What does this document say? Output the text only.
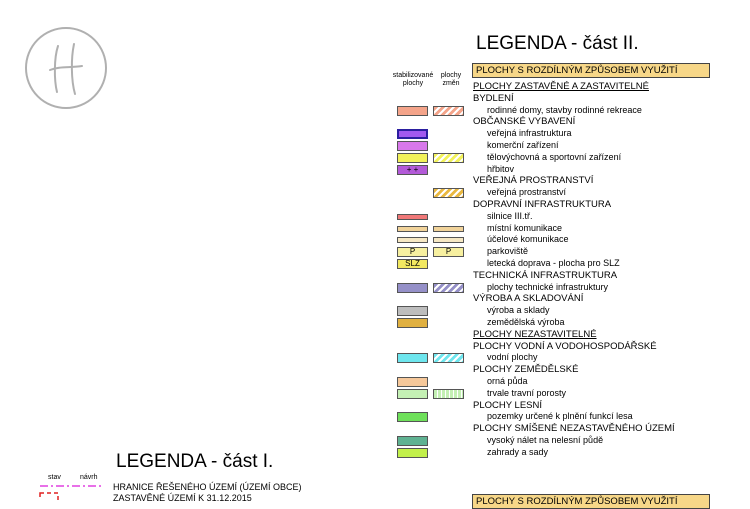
LEGENDA - část II.
stabilizované plochy
plochy změn
PLOCHY S ROZDÍLNÝM ZPŮSOBEM VYUŽITÍ
PLOCHY ZASTAVĚNÉ A ZASTAVITELNÉ
BYDLENÍ
rodinné domy, stavby rodinné rekreace
OBČANSKÉ VYBAVENÍ
veřejná infrastruktura
komerční zařízení
tělovýchovná a sportovní zařízení
hřbitov
+ +
VEŘEJNÁ PROSTRANSTVÍ
veřejná prostranství
DOPRAVNÍ INFRASTRUKTURA
silnice III.tř.
místní komunikace
účelové komunikace
parkoviště
P	P
letecká doprava - plocha pro SLZ
SLZ
TECHNICKÁ INFRASTRUKTURA
plochy technické infrastruktury
VÝROBA A SKLADOVÁNÍ
výroba a sklady
zemědělská výroba
PLOCHY NEZASTAVITELNÉ
PLOCHY VODNÍ A VODOHOSPODÁŘSKÉ
vodní plochy
PLOCHY ZEMĚDĚLSKÉ
orná půda
trvale travní porosty
PLOCHY LESNÍ
pozemky určené k plnění funkcí lesa
PLOCHY SMÍŠENÉ NEZASTAVĚNÉHO ÚZEMÍ
vysoký nálet na nelesní půdě
zahrady a sady
PLOCHY S ROZDÍLNÝM ZPŮSOBEM VYUŽITÍ
LEGENDA - část I.
stav	návrh
HRANICE ŘEŠENÉHO ÚZEMÍ (ÚZEMÍ OBCE)
ZASTAVĚNÉ ÚZEMÍ K 31.12.2015
